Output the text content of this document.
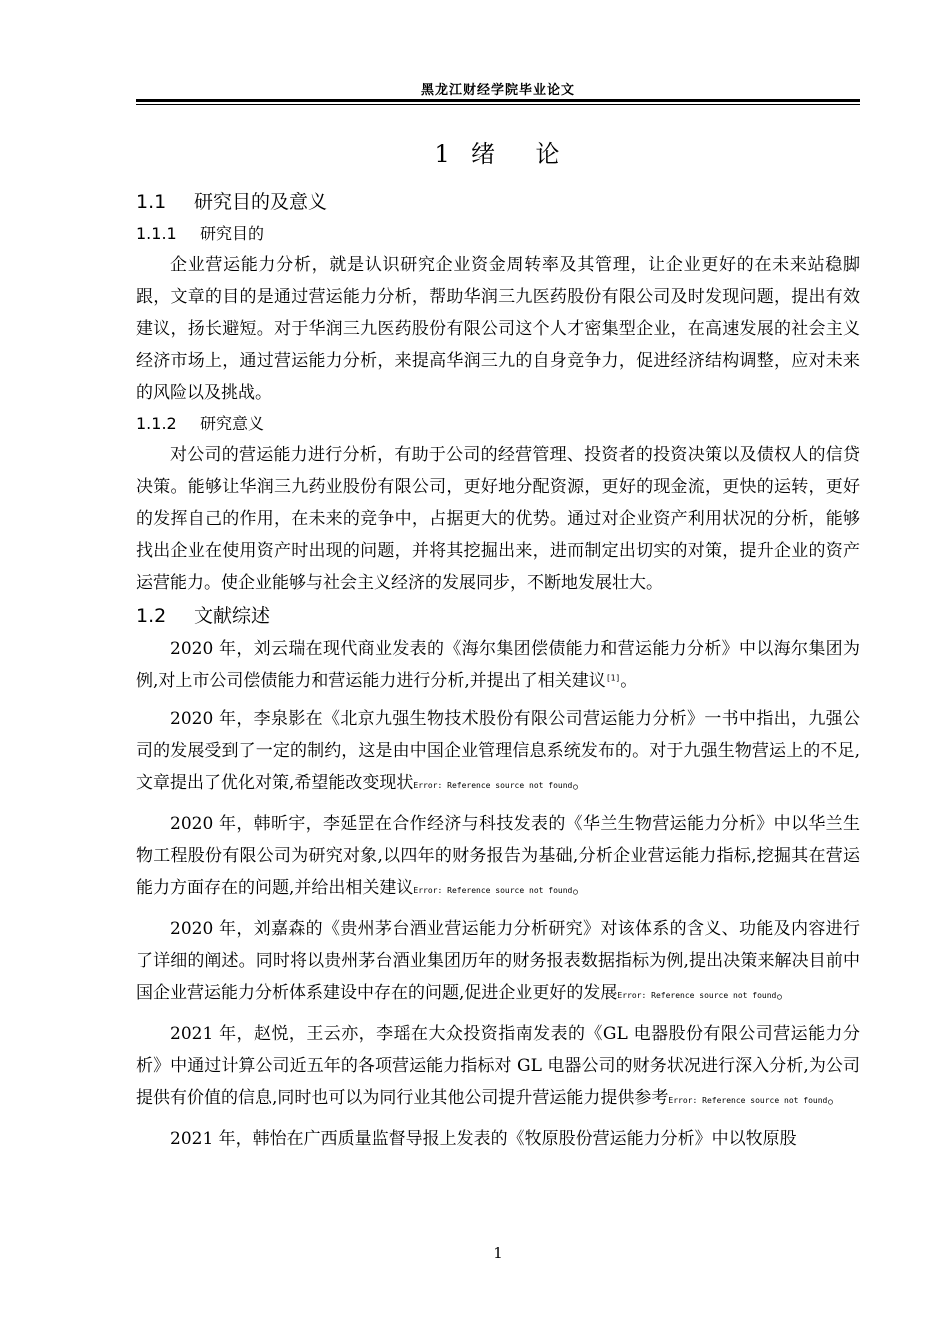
黑龙江财经学院毕业论文
1  绪    论
1.1	研究目的及意义
1.1.1	研究目的

企业营运能力分析，就是认识研究企业资金周转率及其管理，让企业更好的在未来站稳脚跟，文章的目的是通过营运能力分析，帮助华润三九医药股份有限公司及时发现问题，提出有效建议，扬长避短。对于华润三九医药股份有限公司这个人才密集型企业，在高速发展的社会主义经济市场上，通过营运能力分析，来提高华润三九的自身竞争力，促进经济结构调整，应对未来的风险以及挑战。

1.1.2	研究意义

对公司的营运能力进行分析，有助于公司的经营管理、投资者的投资决策以及债权人的信贷决策。能够让华润三九药业股份有限公司，更好地分配资源，更好的现金流，更快的运转，更好的发挥自己的作用，在未来的竞争中，占据更大的优势。通过对企业资产利用状况的分析，能够找出企业在使用资产时出现的问题，并将其挖掘出来，进而制定出切实的对策，提升企业的资产运营能力。使企业能够与社会主义经济的发展同步，不断地发展壮大。

1.2	文献综述

2020 年，刘云瑞在现代商业发表的《海尔集团偿债能力和营运能力分析》中以海尔集团为例,对上市公司偿债能力和营运能力进行分析,并提出了相关建议[1]。

2020 年，李泉影在《北京九强生物技术股份有限公司营运能力分析》一书中指出，九强公司的发展受到了一定的制约，这是由中国企业管理信息系统发布的。对于九强生物营运上的不足,文章提出了优化对策,希望能改变现状Error: Reference source not found。

2020 年，韩昕宇，李延罡在合作经济与科技发表的《华兰生物营运能力分析》中以华兰生物工程股份有限公司为研究对象,以四年的财务报告为基础,分析企业营运能力指标,挖掘其在营运能力方面存在的问题,并给出相关建议Error: Reference source not found。

2020 年，刘嘉森的《贵州茅台酒业营运能力分析研究》对该体系的含义、功能及内容进行了详细的阐述。同时将以贵州茅台酒业集团历年的财务报表数据指标为例,提出决策来解决目前中国企业营运能力分析体系建设中存在的问题,促进企业更好的发展Error: Reference source not found。

2021 年，赵悦，王云亦，李瑶在大众投资指南发表的《GL 电器股份有限公司营运能力分析》中通过计算公司近五年的各项营运能力指标对 GL 电器公司的财务状况进行深入分析,为公司提供有价值的信息,同时也可以为同行业其他公司提升营运能力提供参考Error: Reference source not found。

2021 年，韩怡在广西质量监督导报上发表的《牧原股份营运能力分析》中以牧原股

1
